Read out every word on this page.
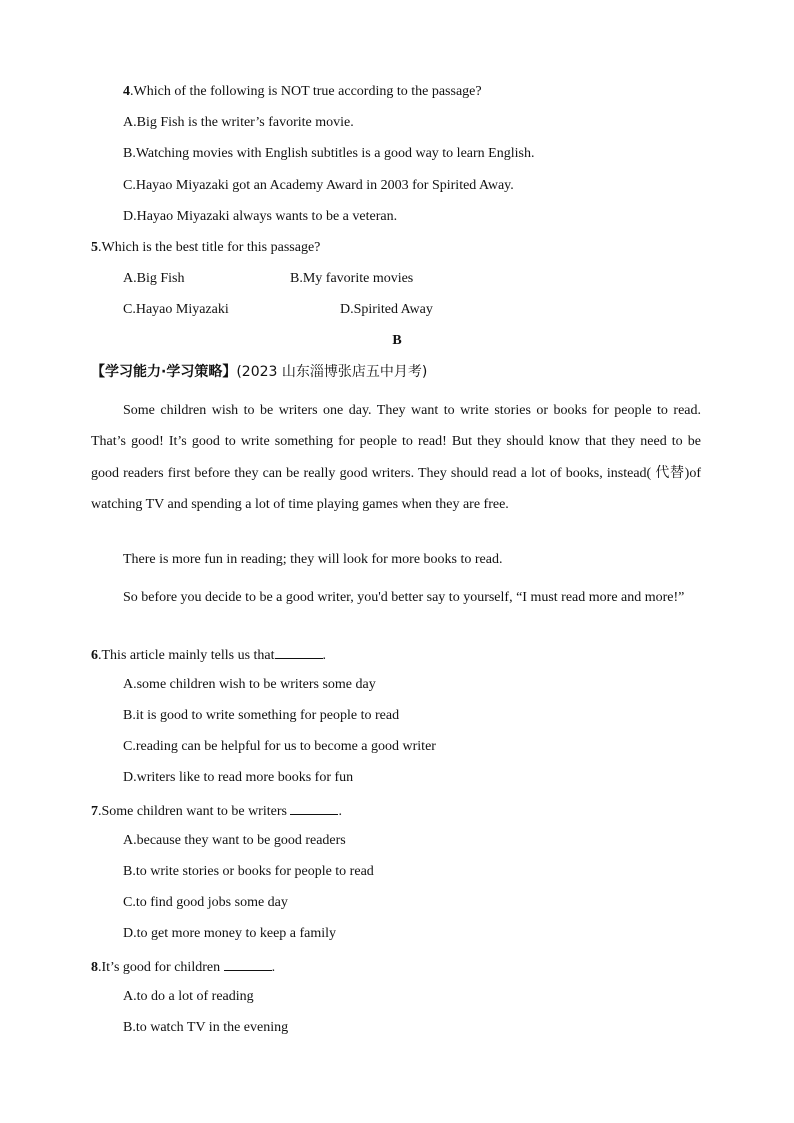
4.Which of the following is NOT true according to the passage?
A.Big Fish is the writer’s favorite movie.
B.Watching movies with English subtitles is a good way to learn English.
C.Hayao Miyazaki got an Academy Award in 2003 for Spirited Away.
D.Hayao Miyazaki always wants to be a veteran.
5.Which is the best title for this passage?
A.Big Fish	B.My favorite movies
C.Hayao Miyazaki	D.Spirited Away
B
【学习能力·学习策略】(2023 山东淄博张店五中月考)
Some children wish to be writers one day. They want to write stories or books for people to read. That’s good! It’s good to write something for people to read! But they should know that they need to be good readers first before they can be really good writers. They should read a lot of books, instead( 代替)of watching TV and spending a lot of time playing games when they are free.
There is more fun in reading; they will look for more books to read.
So before you decide to be a good writer, you'd better say to yourself, “I must read more and more!”
6.This article mainly tells us that	.
A.some children wish to be writers some day
B.it is good to write something for people to read
C.reading can be helpful for us to become a good writer
D.writers like to read more books for fun
7.Some children want to be writers	.
A.because they want to be good readers
B.to write stories or books for people to read
C.to find good jobs some day
D.to get more money to keep a family
8.It’s good for children	.
A.to do a lot of reading
B.to watch TV in the evening
